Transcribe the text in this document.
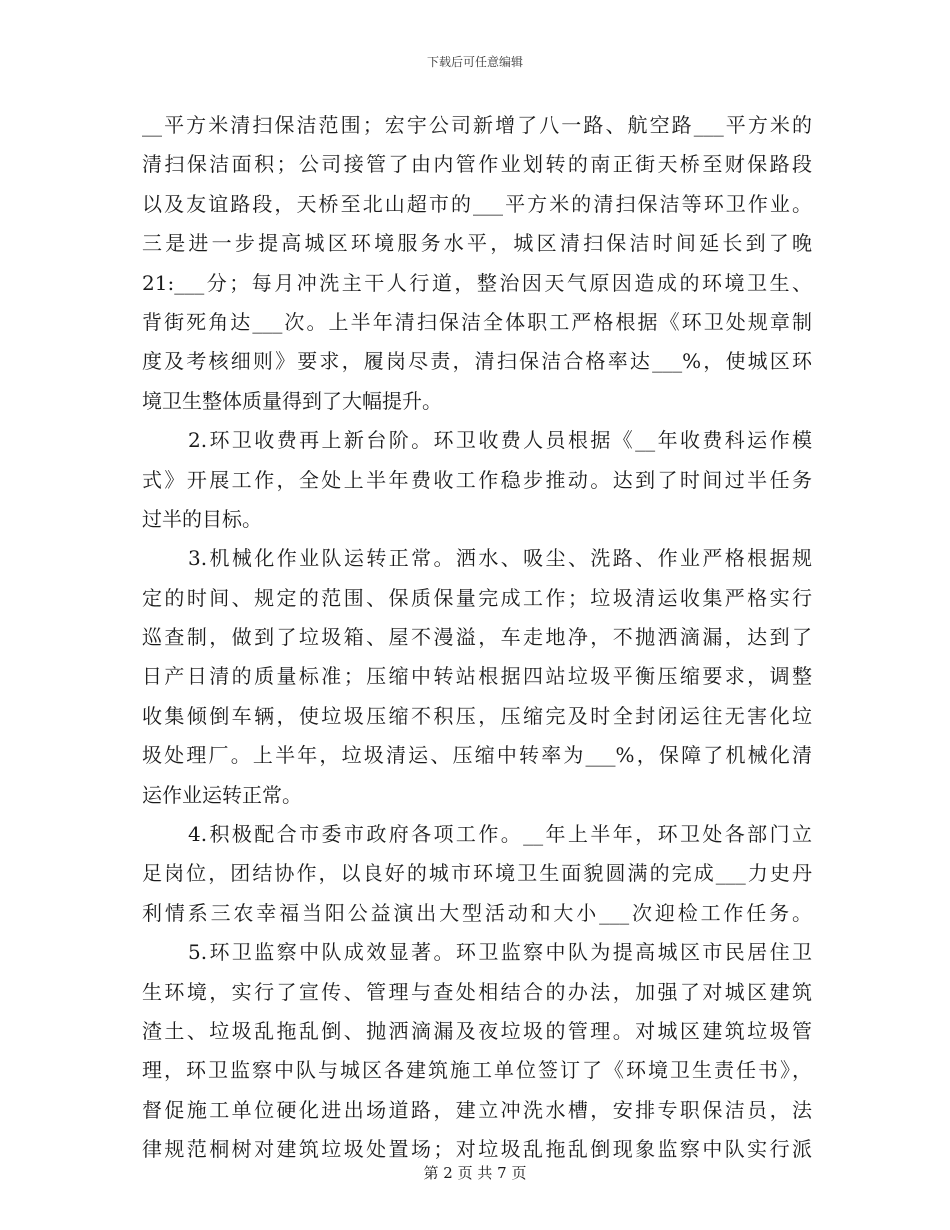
下载后可任意编辑
__平方米清扫保洁范围；宏宇公司新增了八一路、航空路___平方米的
清扫保洁面积；公司接管了由内管作业划转的南正街天桥至财保路段
以及友谊路段，天桥至北山超市的___平方米的清扫保洁等环卫作业。
三是进一步提高城区环境服务水平，城区清扫保洁时间延长到了晚
21:___分；每月冲洗主干人行道，整治因天气原因造成的环境卫生、
背街死角达___次。上半年清扫保洁全体职工严格根据《环卫处规章制
度及考核细则》要求，履岗尽责，清扫保洁合格率达___%，使城区环
境卫生整体质量得到了大幅提升。
2.环卫收费再上新台阶。环卫收费人员根据《__年收费科运作模
式》开展工作，全处上半年费收工作稳步推动。达到了时间过半任务
过半的目标。
3.机械化作业队运转正常。洒水、吸尘、洗路、作业严格根据规
定的时间、规定的范围、保质保量完成工作；垃圾清运收集严格实行
巡查制，做到了垃圾箱、屋不漫溢，车走地净，不抛洒滴漏，达到了
日产日清的质量标准；压缩中转站根据四站垃圾平衡压缩要求，调整
收集倾倒车辆，使垃圾压缩不积压，压缩完及时全封闭运往无害化垃
圾处理厂。上半年，垃圾清运、压缩中转率为___%，保障了机械化清
运作业运转正常。
4.积极配合市委市政府各项工作。__年上半年，环卫处各部门立
足岗位，团结协作，以良好的城市环境卫生面貌圆满的完成___力史丹
利情系三农幸福当阳公益演出大型活动和大小___次迎检工作任务。
5.环卫监察中队成效显著。环卫监察中队为提高城区市民居住卫
生环境，实行了宣传、管理与查处相结合的办法，加强了对城区建筑
渣土、垃圾乱拖乱倒、抛洒滴漏及夜垃圾的管理。对城区建筑垃圾管
理，环卫监察中队与城区各建筑施工单位签订了《环境卫生责任书》，
督促施工单位硬化进出场道路，建立冲洗水槽，安排专职保洁员，法
律规范桐树对建筑垃圾处置场；对垃圾乱拖乱倒现象监察中队实行派
第 2 页 共 7 页
